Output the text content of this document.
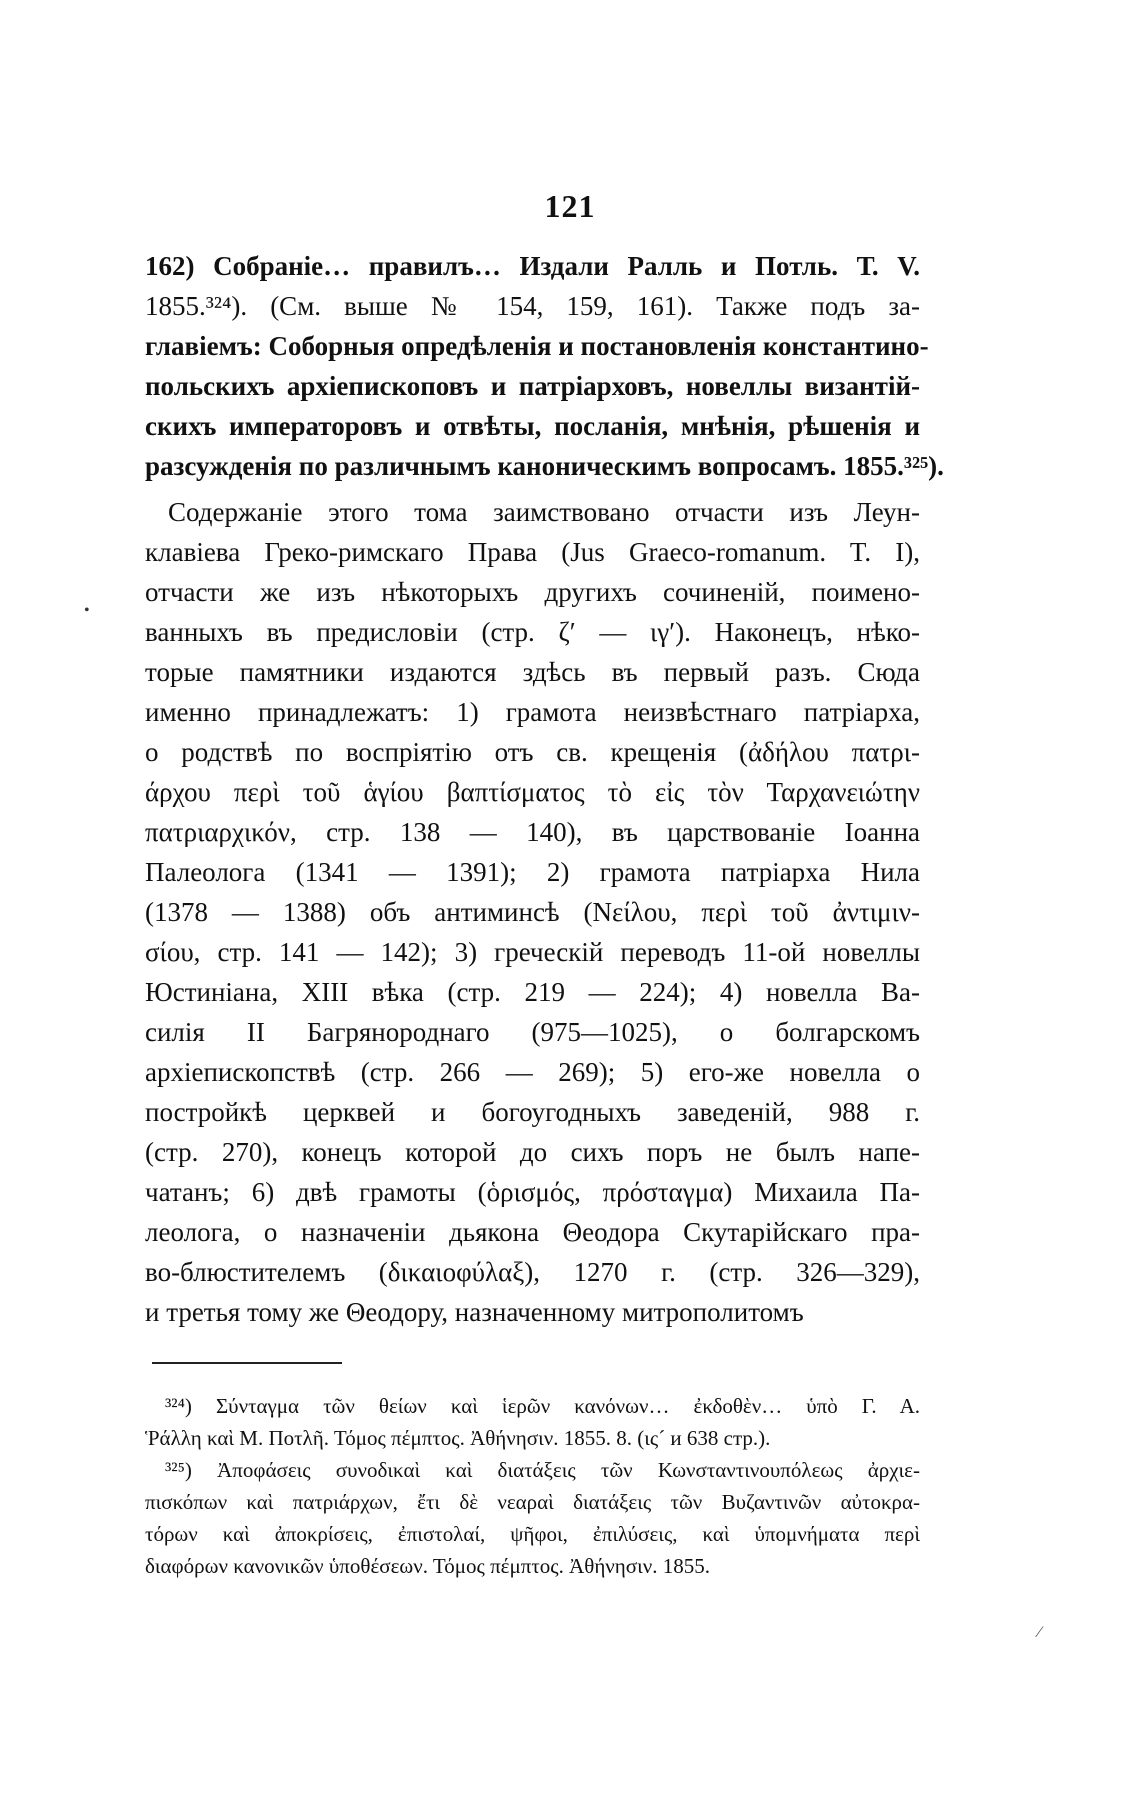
121
162) Собраніе… правилъ… Издали Ралль и Потль. Т. V.
1855.³²⁴). (См. выше № 154, 159, 161). Также подъ за-
главіемъ: Соборныя опредѣленія и постановленія константино-
польскихъ архіепископовъ и патріарховъ, новеллы византій-
скихъ императоровъ и отвѣты, посланія, мнѣнія, рѣшенія и
разсужденія по различнымъ каноническимъ вопросамъ. 1855.³²⁵).
Содержаніе этого тома заимствовано отчасти изъ Леун-
клавіева Греко-римскаго Права (Jus Graeco-romanum. T. I),
отчасти же изъ нѣкоторыхъ другихъ сочиненій, поимено-
ванныхъ въ предисловіи (стр. ζʹ — ιγʹ). Наконецъ, нѣко-
торые памятники издаются здѣсь въ первый разъ. Сюда
именно принадлежатъ: 1) грамота неизвѣстнаго патріарха,
о родствѣ по воспріятію отъ св. крещенія (ἀδήλου πατρι-
άρχου περὶ τοῦ ἁγίου βαπτίσματος τὸ εἰς τὸν Ταρχανειώτην
πατριαρχικόν, стр. 138 — 140), въ царствованіе Іоанна
Палеолога (1341 — 1391); 2) грамота патріарха Нила
(1378 — 1388) объ антиминсѣ (Νείλου, περὶ τοῦ ἀντιμιν-
σίου, стр. 141 — 142); 3) греческій переводъ 11-ой новеллы
Юстиніана, XIII вѣка (стр. 219 — 224); 4) новелла Ва-
силія II Багрянороднаго (975—1025), о болгарскомъ
архіепископствѣ (стр. 266 — 269); 5) его-же новелла о
постройкѣ церквей и богоугодныхъ заведеній, 988 г.
(стр. 270), конецъ которой до сихъ поръ не былъ напе-
чатанъ; 6) двѣ грамоты (ὁρισμός, πρόσταγμα) Михаила Па-
леолога, о назначеніи дьякона Θеодора Скутарійскаго пра-
во-блюстителемъ (δικαιοφύλαξ), 1270 г. (стр. 326—329),
и третья тому же Θеодору, назначенному митрополитомъ
³²⁴) Σύνταγμα τῶν θείων καὶ ἱερῶν κανόνων… ἐκδοθὲν… ὑπὸ Γ. Α.
Ῥάλλη καὶ Μ. Ποτλῆ. Τόμος πέμπτος. Ἀθήνησιν. 1855. 8. (ις´ и 638 стр.).
³²⁵) Ἀποφάσεις συνοδικαὶ καὶ διατάξεις τῶν Κωνσταντινουπόλεως ἀρχιε-
πισκόπων καὶ πατριάρχων, ἔτι δὲ νεαραὶ διατάξεις τῶν Βυζαντινῶν αὐτοκρα-
τόρων καὶ ἀποκρίσεις, ἐπιστολαί, ψῆφοι, ἐπιλύσεις, καὶ ὑπομνήματα περὶ
διαφόρων κανονικῶν ὑποθέσεων. Τόμος πέμπτος. Ἀθήνησιν. 1855.
•
⁄
